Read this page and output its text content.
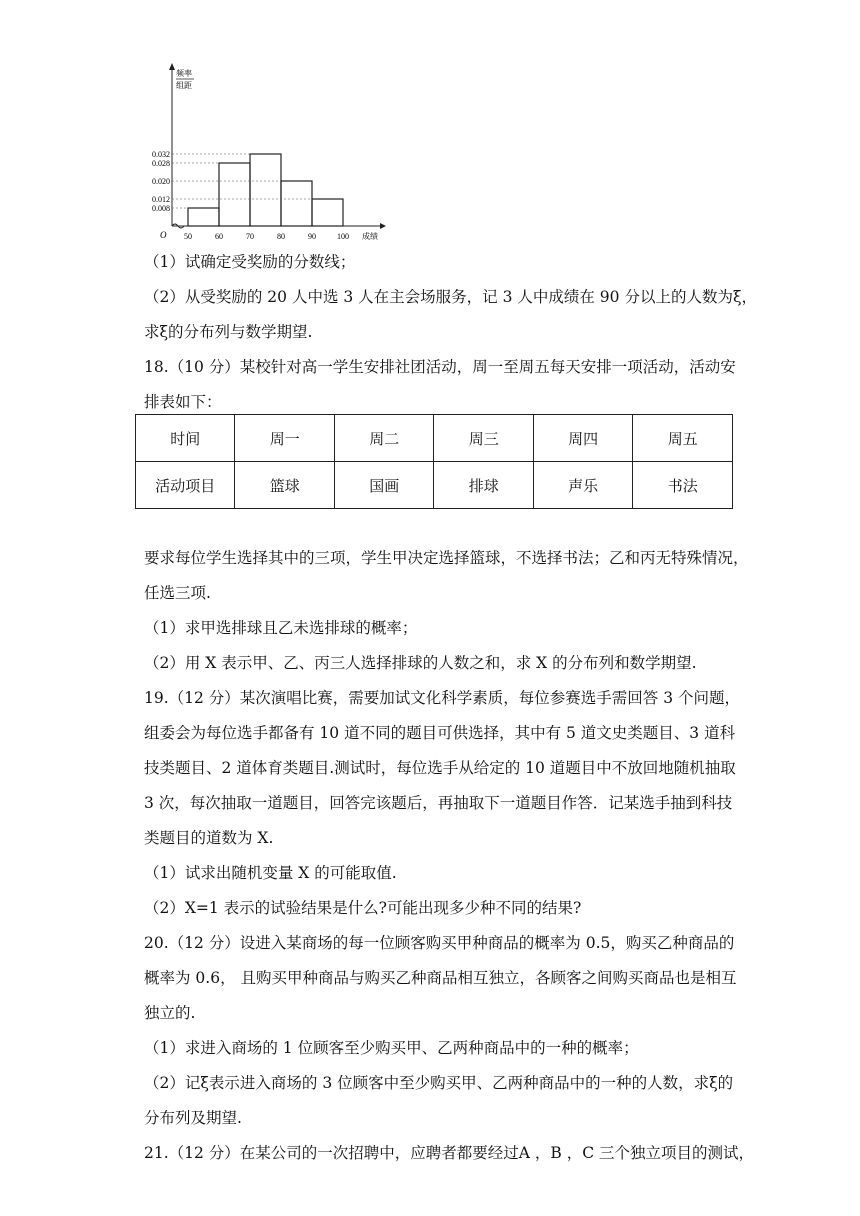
O
频率
组距
成绩
0.032
0.028
0.020
0.012
0.008
50	60	70	80	90	100
（1）试确定受奖励的分数线；
（2）从受奖励的 20 人中选 3 人在主会场服务，记 3 人中成绩在 90 分以上的人数为ξ，
求ξ的分布列与数学期望.
18.（10 分）某校针对高一学生安排社团活动，周一至周五每天安排一项活动，活动安
排表如下：
时间	周一	周二	周三	周四	周五
活动项目	篮球	国画	排球	声乐	书法
要求每位学生选择其中的三项，学生甲决定选择篮球，不选择书法；乙和丙无特殊情况，
任选三项.
（1）求甲选排球且乙未选排球的概率；
（2）用 X 表示甲、乙、丙三人选择排球的人数之和，求 X 的分布列和数学期望.
19.（12 分）某次演唱比赛，需要加试文化科学素质，每位参赛选手需回答 3 个问题，
组委会为每位选手都备有 10 道不同的题目可供选择，其中有 5 道文史类题目、3 道科
技类题目、2 道体育类题目.测试时，每位选手从给定的 10 道题目中不放回地随机抽取
3 次，每次抽取一道题目，回答完该题后，再抽取下一道题目作答．记某选手抽到科技
类题目的道数为 X.
（1）试求出随机变量 X 的可能取值.
（2）X=1 表示的试验结果是什么?可能出现多少种不同的结果?
20.（12 分）设进入某商场的每一位顾客购买甲种商品的概率为 0.5，购买乙种商品的
概率为 0.6， 且购买甲种商品与购买乙种商品相互独立，各顾客之间购买商品也是相互
独立的.
（1）求进入商场的 1 位顾客至少购买甲、乙两种商品中的一种的概率；
（2）记ξ表示进入商场的 3 位顾客中至少购买甲、乙两种商品中的一种的人数，求ξ的
分布列及期望.
21.（12 分）在某公司的一次招聘中，应聘者都要经过A ，B ，C 三个独立项目的测试，
